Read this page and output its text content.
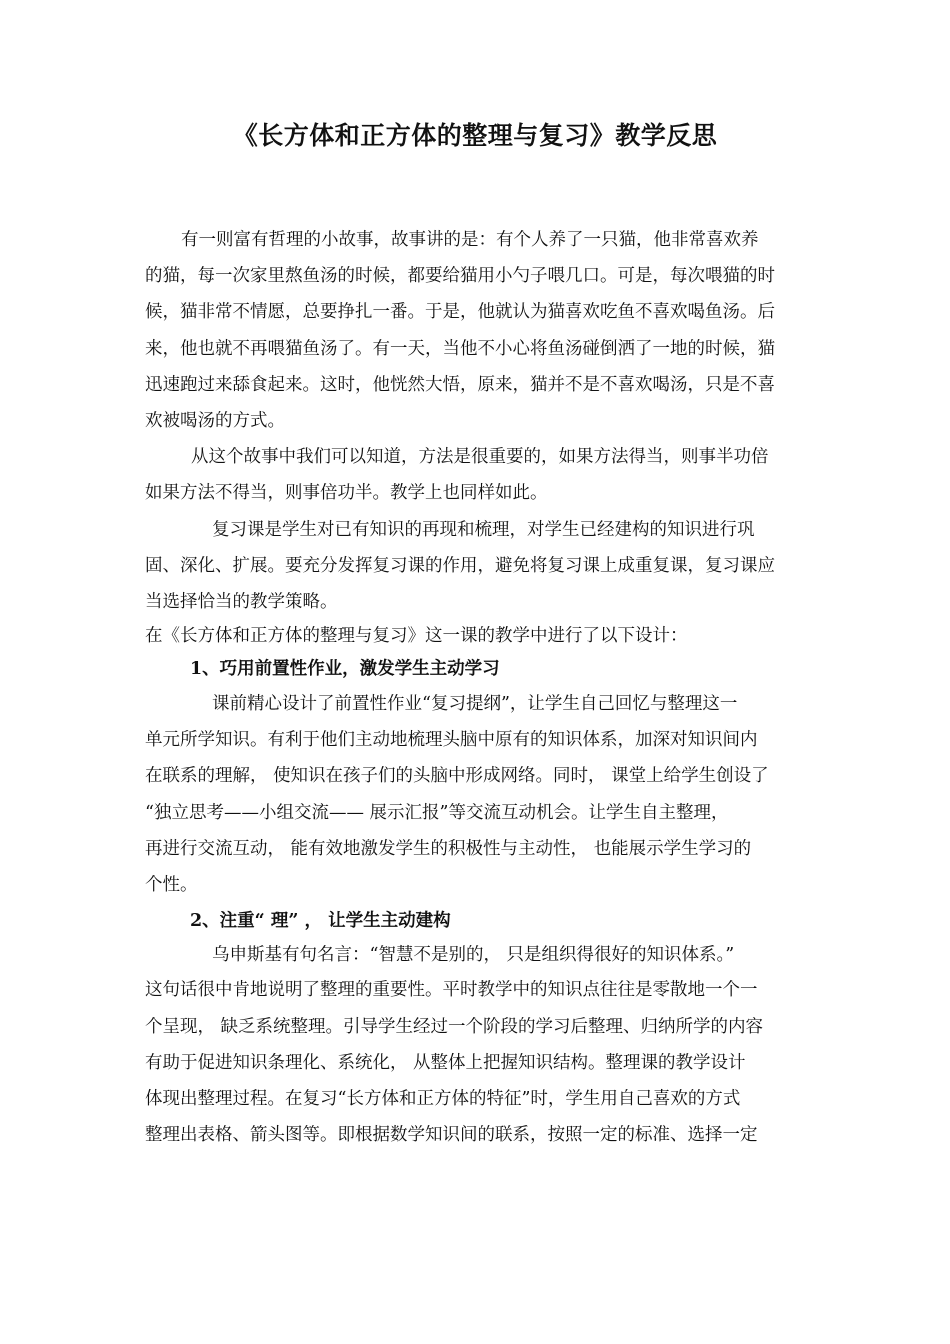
《长方体和正方体的整理与复习》教学反思
有一则富有哲理的小故事，故事讲的是：有个人养了一只猫，他非常喜欢养
的猫，每一次家里熬鱼汤的时候，都要给猫用小勺子喂几口。可是，每次喂猫的时
候，猫非常不情愿，总要挣扎一番。于是，他就认为猫喜欢吃鱼不喜欢喝鱼汤。后
来，他也就不再喂猫鱼汤了。有一天，当他不小心将鱼汤碰倒洒了一地的时候，猫
迅速跑过来舔食起来。这时，他恍然大悟，原来，猫并不是不喜欢喝汤，只是不喜
欢被喝汤的方式。
从这个故事中我们可以知道，方法是很重要的，如果方法得当，则事半功倍
如果方法不得当，则事倍功半。教学上也同样如此。
复习课是学生对已有知识的再现和梳理，对学生已经建构的知识进行巩
固、深化、扩展。要充分发挥复习课的作用，避免将复习课上成重复课，复习课应
当选择恰当的教学策略。
在《长方体和正方体的整理与复习》这一课的教学中进行了以下设计：
1、巧用前置性作业，激发学生主动学习
课前精心设计了前置性作业“复习提纲”，让学生自己回忆与整理这一
单元所学知识。有利于他们主动地梳理头脑中原有的知识体系，加深对知识间内
在联系的理解， 使知识在孩子们的头脑中形成网络。同时， 课堂上给学生创设了
“独立思考——小组交流—— 展示汇报”等交流互动机会。让学生自主整理，
再进行交流互动， 能有效地激发学生的积极性与主动性， 也能展示学生学习的
个性。
2、注重“ 理” ， 让学生主动建构
乌申斯基有句名言：“智慧不是别的， 只是组织得很好的知识体系。”
这句话很中肯地说明了整理的重要性。平时教学中的知识点往往是零散地一个一
个呈现， 缺乏系统整理。引导学生经过一个阶段的学习后整理、归纳所学的内容
有助于促进知识条理化、系统化， 从整体上把握知识结构。整理课的教学设计
体现出整理过程。在复习“长方体和正方体的特征”时，学生用自己喜欢的方式
整理出表格、箭头图等。即根据数学知识间的联系，按照一定的标准、选择一定
